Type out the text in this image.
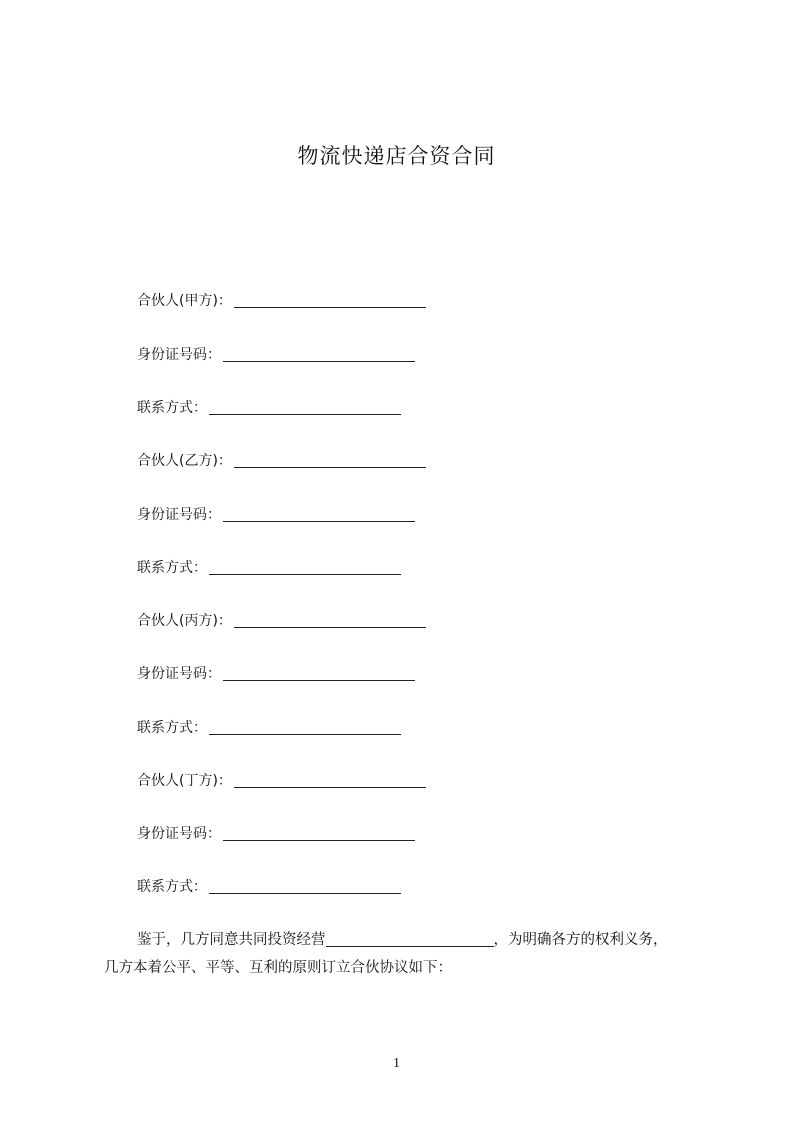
物流快递店合资合同
合伙人(甲方)：
身份证号码：
联系方式：
合伙人(乙方)：
身份证号码：
联系方式：
合伙人(丙方)：
身份证号码：
联系方式：
合伙人(丁方)：
身份证号码：
联系方式：
鉴于，几方同意共同投资经营	，为明确各方的权利义务，
几方本着公平、平等、互利的原则订立合伙协议如下：
1
